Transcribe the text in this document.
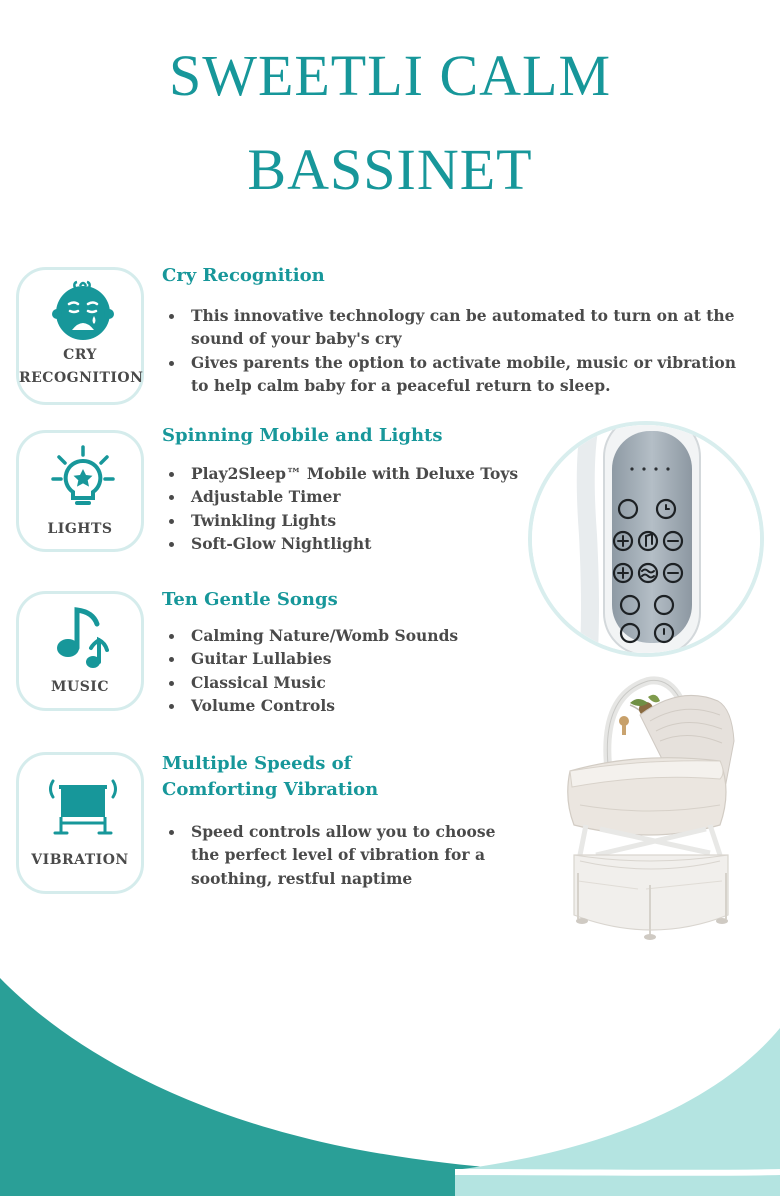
SWEETLI CALM
BASSINET
CRY
RECOGNITION
Cry Recognition
This innovative technology can be automated to turn on at the
sound of your baby's cry
Gives parents the option to activate mobile, music or vibration
to help calm baby for a peaceful return to sleep.
LIGHTS
Spinning Mobile and Lights
Play2Sleep™ Mobile with Deluxe Toys
Adjustable Timer
Twinkling Lights
Soft-Glow Nightlight
MUSIC
Ten Gentle Songs
Calming Nature/Womb Sounds
Guitar Lullabies
Classical Music
Volume Controls
VIBRATION
Multiple Speeds of
Comforting Vibration
Speed controls allow you to choose
the perfect level of vibration for a
soothing, restful naptime
